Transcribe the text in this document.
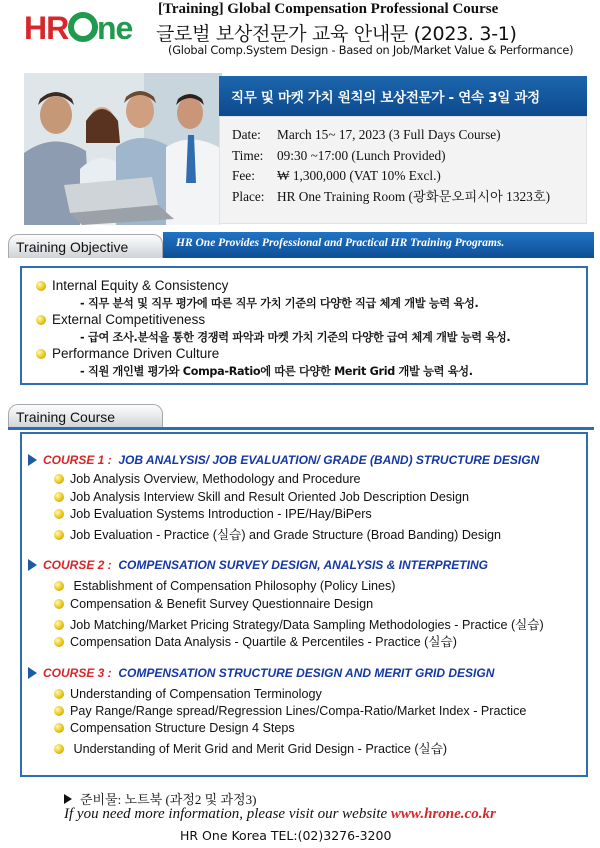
HR ne
[Training] Global Compensation Professional Course
글로벌 보상전문가 교육 안내문 (2023. 3-1)
(Global Comp.System Design - Based on Job/Market Value & Performance)
직무 및 마켓 가치 원칙의 보상전문가 - 연속 3일 과정
Date:	March 15~ 17, 2023 (3 Full Days Course)
Time:	09:30 ~17:00 (Lunch Provided)
Fee:	₩ 1,300,000 (VAT 10% Excl.)
Place: HR One Training Room (광화문오피시아 1323호)
Training Objective	HR One Provides Professional and Practical HR Training Programs.
Internal Equity & Consistency
- 직무 분석 및 직무 평가에 따른 직무 가치 기준의 다양한 직급 체계 개발 능력 육성.
External Competitiveness
- 급여 조사.분석을 통한 경쟁력 파악과 마켓 가치 기준의 다양한 급여 체계 개발 능력 육성.
Performance Driven Culture
- 직원 개인별 평가와 Compa-Ratio에 따른 다양한 Merit Grid 개발 능력 육성.
Training Course
COURSE 1 : JOB ANALYSIS/ JOB EVALUATION/ GRADE (BAND) STRUCTURE DESIGN
Job Analysis Overview, Methodology and Procedure
Job Analysis Interview Skill and Result Oriented Job Description Design
Job Evaluation Systems Introduction - IPE/Hay/BiPers
Job Evaluation - Practice (실습) and Grade Structure (Broad Banding) Design
COURSE 2 : COMPENSATION SURVEY DESIGN, ANALYSIS & INTERPRETING
Establishment of Compensation Philosophy (Policy Lines)
Compensation & Benefit Survey Questionnaire Design
Job Matching/Market Pricing Strategy/Data Sampling Methodologies - Practice (실습)
Compensation Data Analysis - Quartile & Percentiles - Practice (실습)
COURSE 3 : COMPENSATION STRUCTURE DESIGN AND MERIT GRID DESIGN
Understanding of Compensation Terminology
Pay Range/Range spread/Regression Lines/Compa-Ratio/Market Index - Practice
Compensation Structure Design 4 Steps
Understanding of Merit Grid and Merit Grid Design - Practice (실습)
준비물: 노트북 (과정2 및 과정3)
If you need more information, please visit our website www.hrone.co.kr
HR One Korea TEL:(02)3276-3200
